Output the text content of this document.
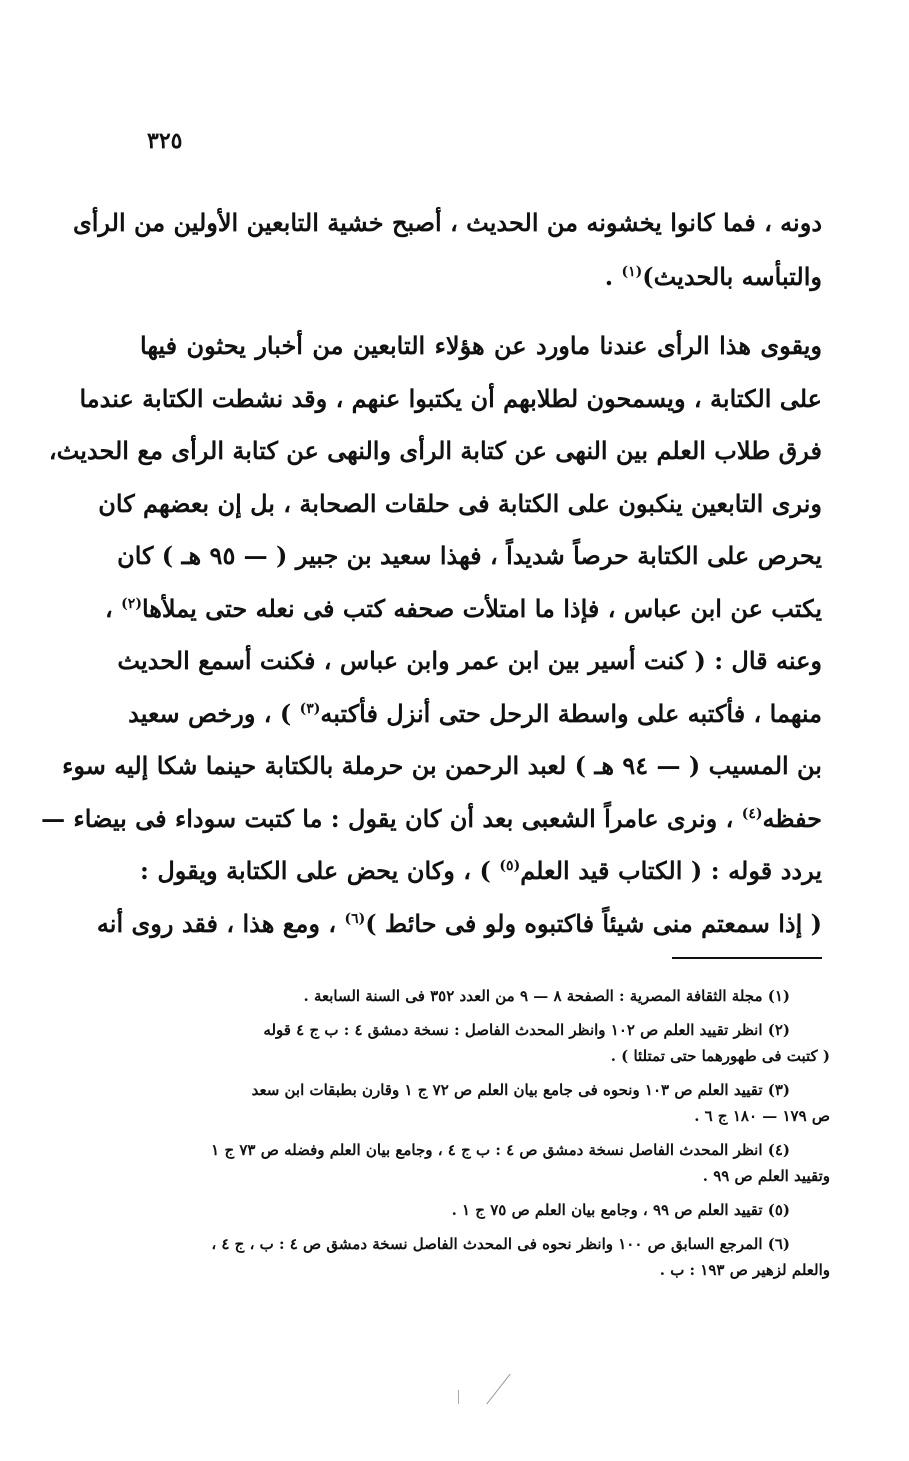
٣٢٥
دونه ، فما كانوا يخشونه من الحديث ، أصبح خشية التابعين الأولين من الرأى
والتبأسه بالحديث)$^{(١)}$ .
ويقوى هذا الرأى عندنا ماورد عن هؤلاء التابعين من أخبار يحثون فيها
على الكتابة ، ويسمحون لطلابهم أن يكتبوا عنهم ، وقد نشطت الكتابة عندما
فرق طلاب العلم بين النهى عن كتابة الرأى والنهى عن كتابة الرأى مع الحديث،
ونرى التابعين ينكبون على الكتابة فى حلقات الصحابة ، بل إن بعضهم كان
يحرص على الكتابة حرصاً شديداً ، فهذا سعيد بن جبير ( — ٩٥ هـ ) كان
يكتب عن ابن عباس ، فإذا ما امتلأت صحفه كتب فى نعله حتى يملأها$^{(٢)}$ ،
وعنه قال : ( كنت أسير بين ابن عمر وابن عباس ، فكنت أسمع الحديث
منهما ، فأكتبه على واسطة الرحل حتى أنزل فأكتبه$^{(٣)}$ ) ، ورخص سعيد
بن المسيب ( — ٩٤ هـ ) لعبد الرحمن بن حرملة بالكتابة حينما شكا إليه سوء
حفظه$^{(٤)}$ ، ونرى عامراً الشعبى بعد أن كان يقول : ما كتبت سوداء فى بيضاء —
يردد قوله : ( الكتاب قيد العلم$^{(٥)}$ ) ، وكان يحض على الكتابة ويقول :
( إذا سمعتم منى شيئاً فاكتبوه ولو فى حائط )$^{(٦)}$ ، ومع هذا ، فقد روى أنه
(١) مجلة الثقافة المصرية : الصفحة ٨ — ٩ من العدد ٣٥٢ فى السنة السابعة .
(٢) انظر تقييد العلم ص ١٠٢ وانظر المحدث الفاصل : نسخة دمشق ٤ : ب ج ٤ قوله
( كتبت فى طهورهما حتى تمتلئا ) .
(٣) تقييد العلم ص ١٠٣ ونحوه فى جامع بيان العلم ص ٧٢ ج ١ وقارن بطبقات ابن سعد
ص ١٧٩ — ١٨٠ ج ٦ .
(٤) انظر المحدث الفاصل نسخة دمشق ص ٤ : ب ج ٤ ، وجامع بيان العلم وفضله ص ٧٣ ج ١
وتقييد العلم ص ٩٩ .
(٥) تقييد العلم ص ٩٩ ، وجامع بيان العلم ص ٧٥ ج ١ .
(٦) المرجع السابق ص ١٠٠ وانظر نحوه فى المحدث الفاصل نسخة دمشق ص ٤ : ب ، ج ٤ ،
والعلم لزهير ص ١٩٣ : ب .
